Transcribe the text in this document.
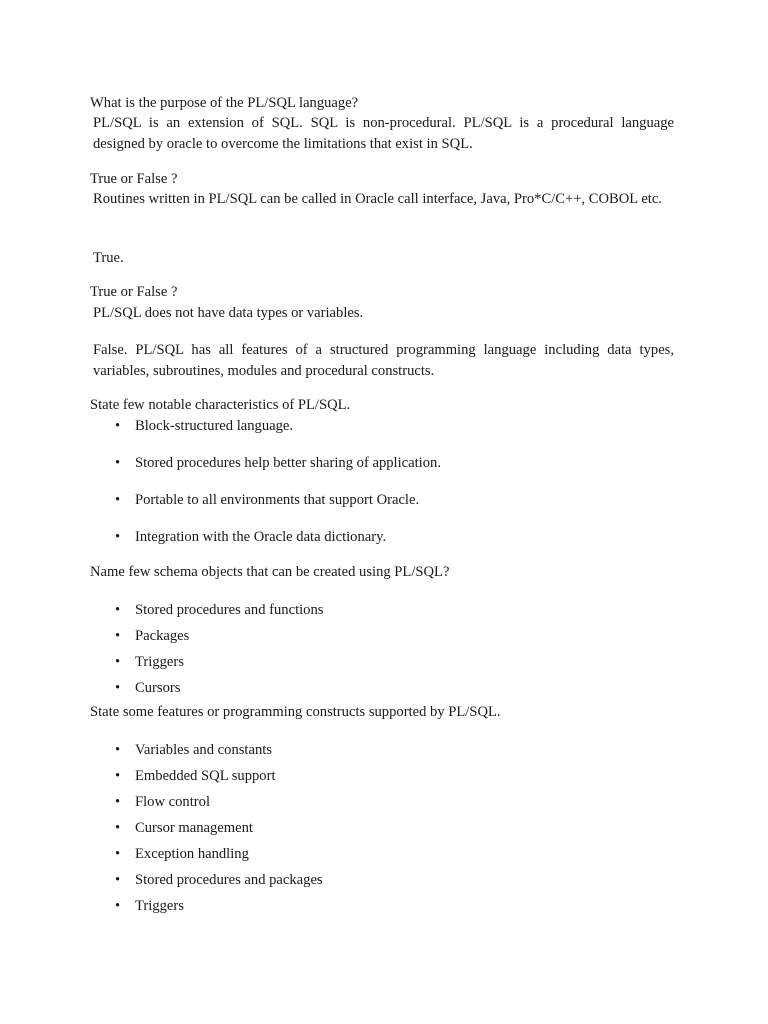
What is the purpose of the PL/SQL language?

PL/SQL is an extension of SQL. SQL is non-procedural. PL/SQL is a procedural language designed by oracle to overcome the limitations that exist in SQL.

True or False ?

Routines written in PL/SQL can be called in Oracle call interface, Java, Pro*C/C++, COBOL etc.

True.

True or False ?

PL/SQL does not have data types or variables.

False. PL/SQL has all features of a structured programming language including data types, variables, subroutines, modules and procedural constructs.

State few notable characteristics of PL/SQL.

• Block-structured language.
• Stored procedures help better sharing of application.
• Portable to all environments that support Oracle.
• Integration with the Oracle data dictionary.

Name few schema objects that can be created using PL/SQL?

• Stored procedures and functions
• Packages
• Triggers
• Cursors

State some features or programming constructs supported by PL/SQL.

• Variables and constants
• Embedded SQL support
• Flow control
• Cursor management
• Exception handling
• Stored procedures and packages
• Triggers
